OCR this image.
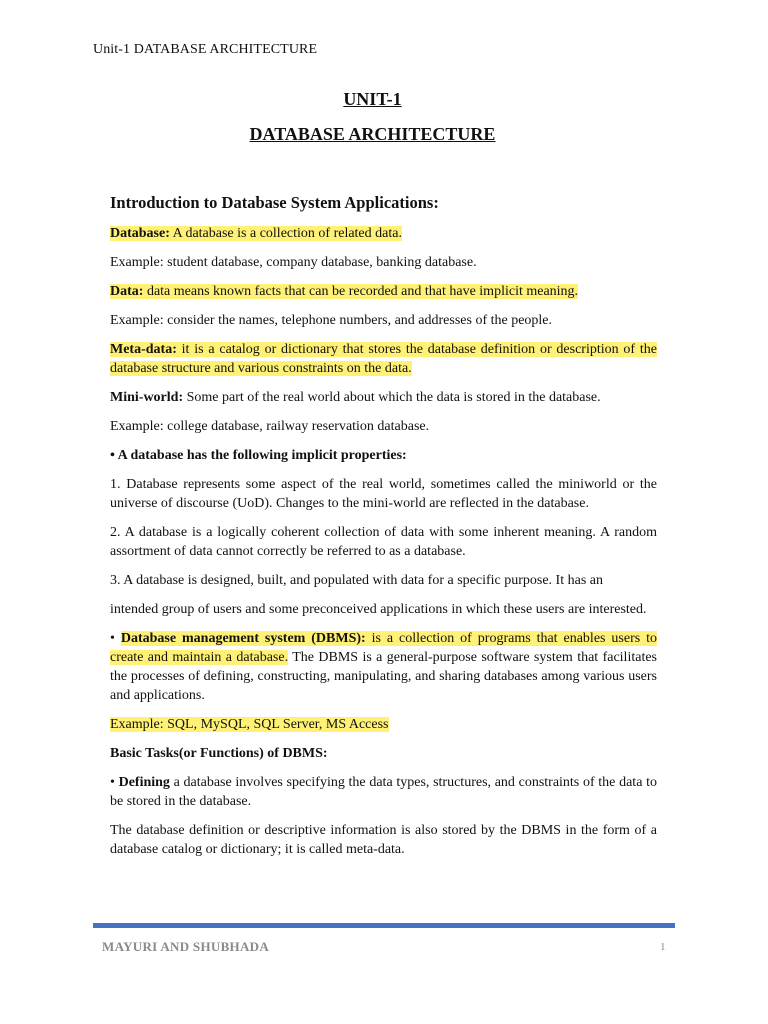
Unit-1 DATABASE ARCHITECTURE
UNIT-1
DATABASE ARCHITECTURE

Introduction to Database System Applications:

Database: A database is a collection of related data.

Example: student database, company database, banking database.

Data: data means known facts that can be recorded and that have implicit meaning.

Example: consider the names, telephone numbers, and addresses of the people.

Meta-data: it is a catalog or dictionary that stores the database definition or description of the database structure and various constraints on the data.

Mini-world: Some part of the real world about which the data is stored in the database.

Example: college database, railway reservation database.

• A database has the following implicit properties:

1. Database represents some aspect of the real world, sometimes called the miniworld or the universe of discourse (UoD). Changes to the mini-world are reflected in the database.

2. A database is a logically coherent collection of data with some inherent meaning. A random assortment of data cannot correctly be referred to as a database.

3. A database is designed, built, and populated with data for a specific purpose. It has an

intended group of users and some preconceived applications in which these users are interested.

• Database management system (DBMS): is a collection of programs that enables users to create and maintain a database. The DBMS is a general-purpose software system that facilitates the processes of defining, constructing, manipulating, and sharing databases among various users and applications.

Example: SQL, MySQL, SQL Server, MS Access

Basic Tasks(or Functions) of DBMS:

• Defining a database involves specifying the data types, structures, and constraints of the data to be stored in the database.

The database definition or descriptive information is also stored by the DBMS in the form of a database catalog or dictionary; it is called meta-data.

MAYURI AND SHUBHADA	1
